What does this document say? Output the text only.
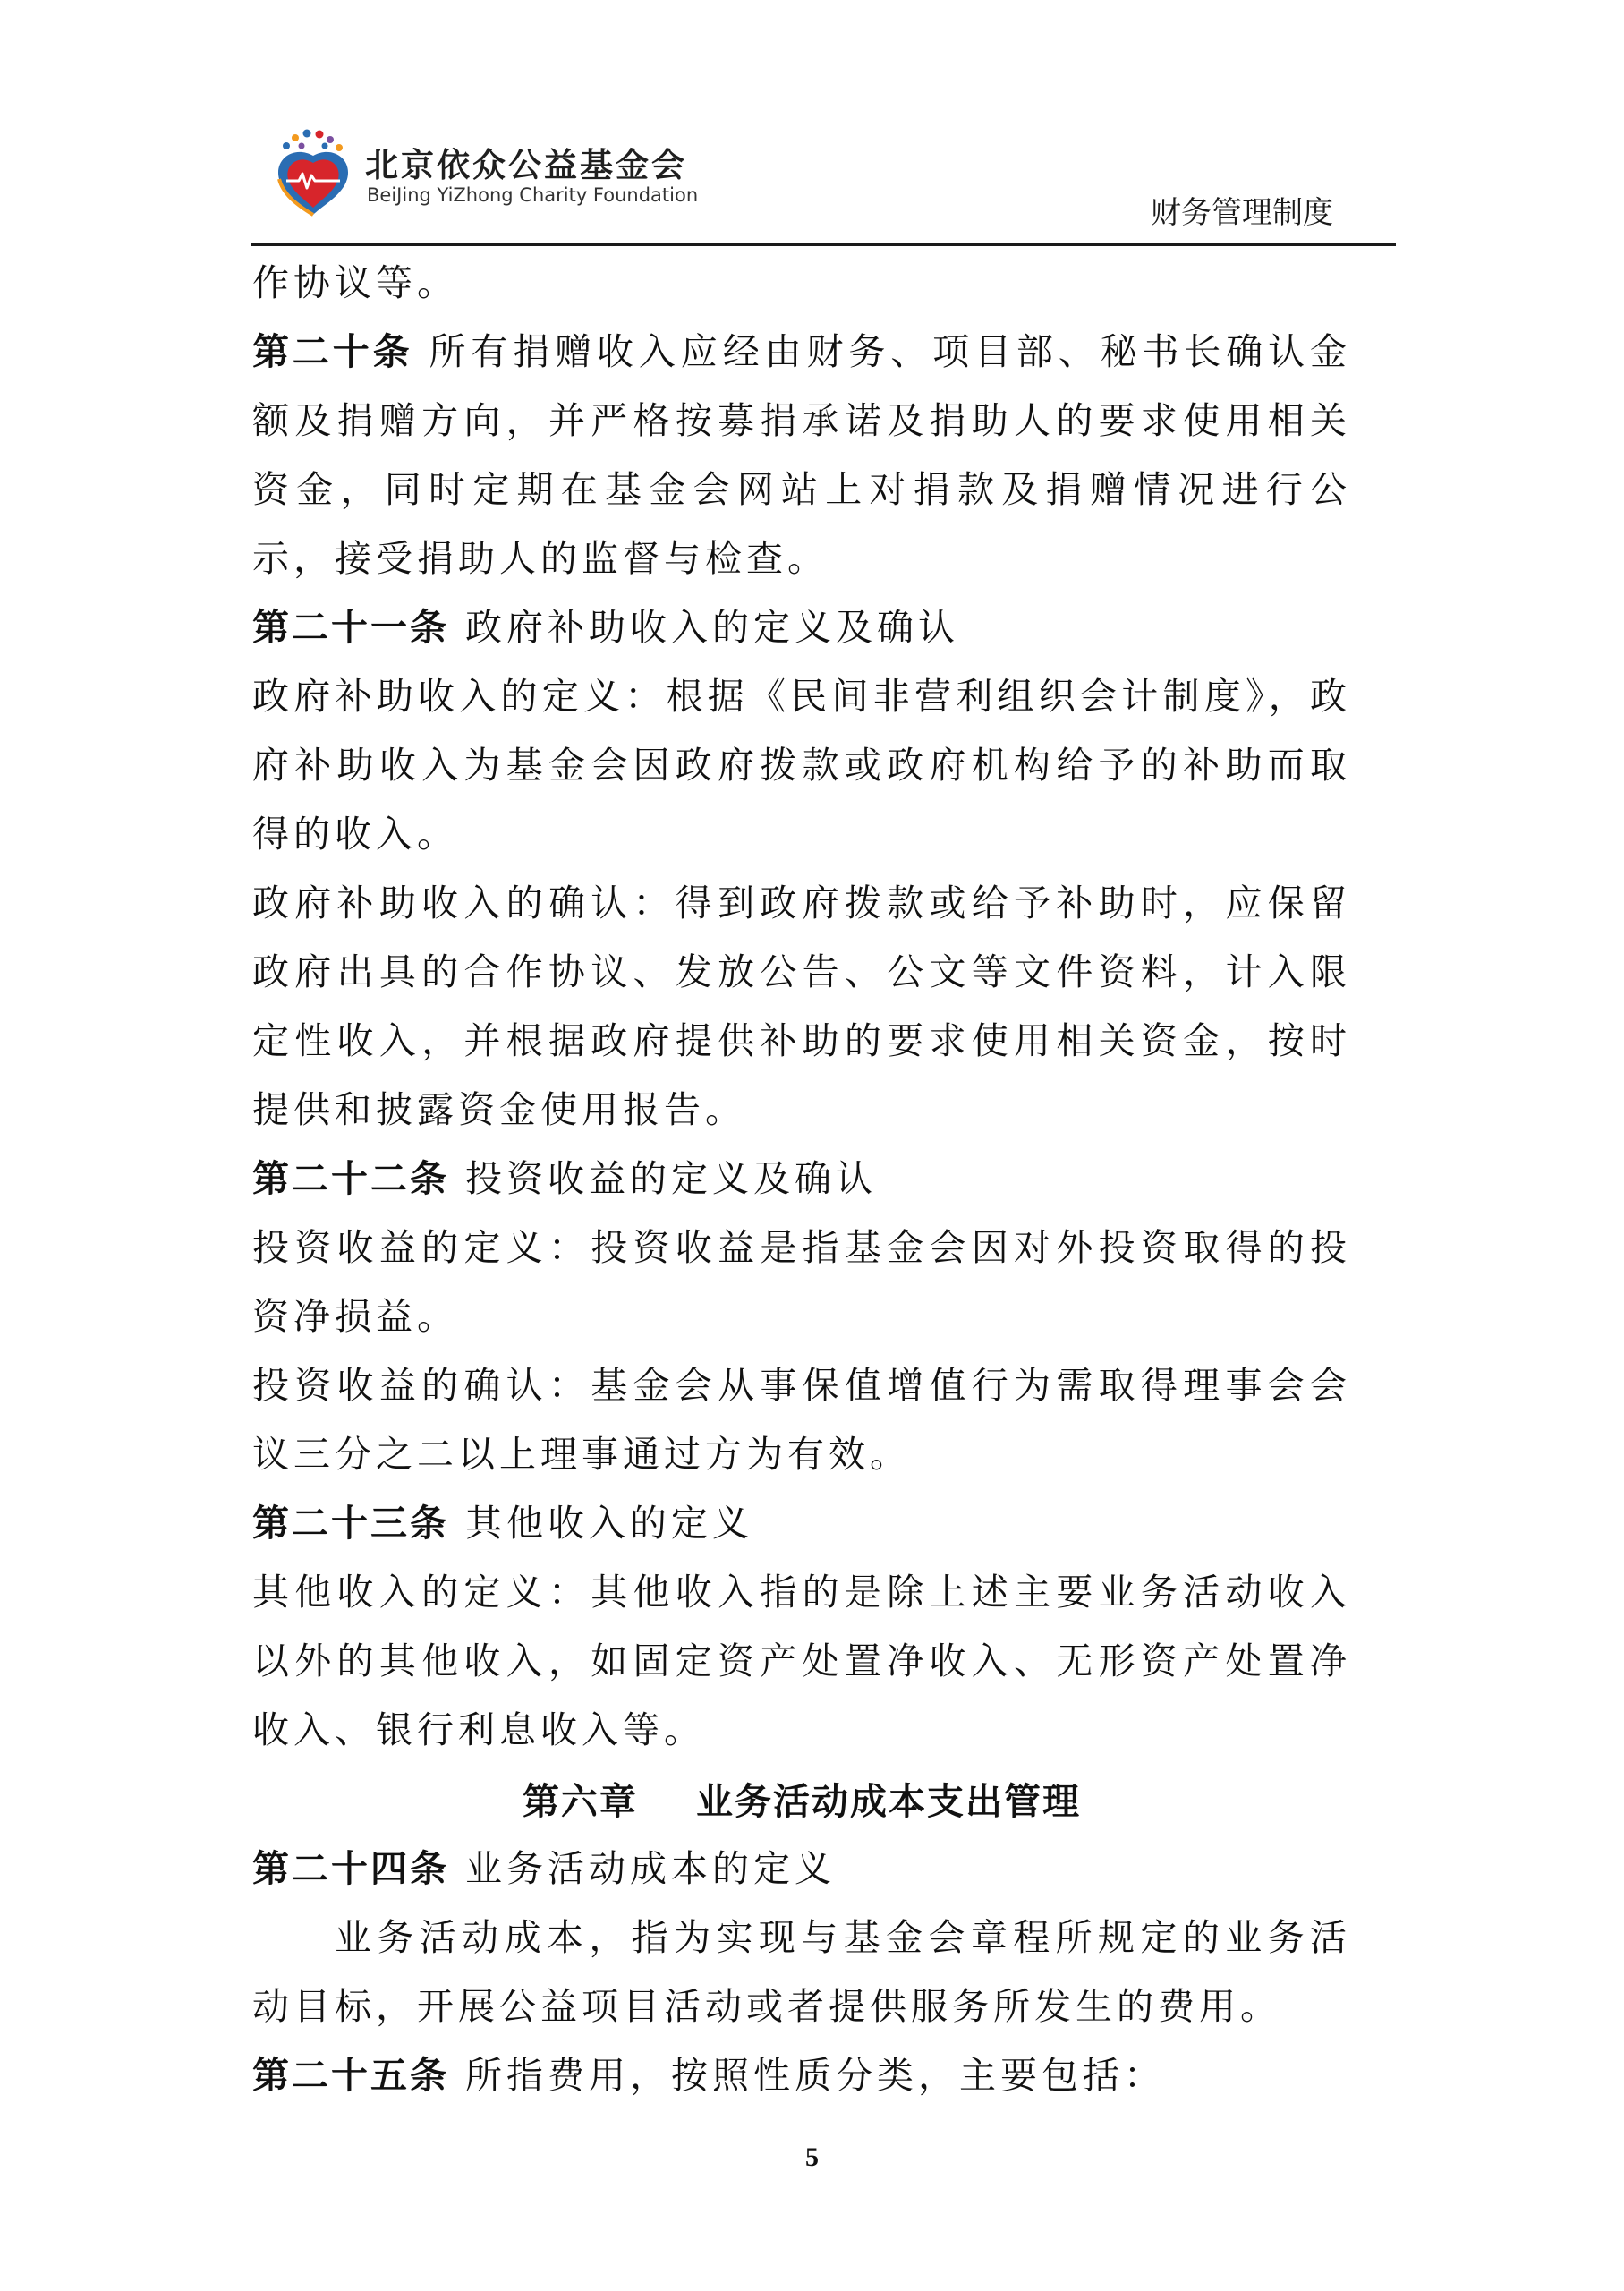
北京依众公益基金会
BeiJing YiZhong Charity Foundation	财务管理制度

作协议等。

第二十条 所有捐赠收入应经由财务、项目部、秘书长确认金额及捐赠方向，并严格按募捐承诺及捐助人的要求使用相关资金，同时定期在基金会网站上对捐款及捐赠情况进行公示，接受捐助人的监督与检查。

第二十一条 政府补助收入的定义及确认

政府补助收入的定义：根据《民间非营利组织会计制度》，政府补助收入为基金会因政府拨款或政府机构给予的补助而取得的收入。

政府补助收入的确认：得到政府拨款或给予补助时，应保留政府出具的合作协议、发放公告、公文等文件资料，计入限定性收入，并根据政府提供补助的要求使用相关资金，按时提供和披露资金使用报告。

第二十二条 投资收益的定义及确认

投资收益的定义：投资收益是指基金会因对外投资取得的投资净损益。

投资收益的确认：基金会从事保值增值行为需取得理事会会议三分之二以上理事通过方为有效。

第二十三条 其他收入的定义

其他收入的定义：其他收入指的是除上述主要业务活动收入以外的其他收入，如固定资产处置净收入、无形资产处置净收入、银行利息收入等。

第六章    业务活动成本支出管理

第二十四条 业务活动成本的定义

业务活动成本，指为实现与基金会章程所规定的业务活动目标，开展公益项目活动或者提供服务所发生的费用。

第二十五条 所指费用，按照性质分类，主要包括：

5
